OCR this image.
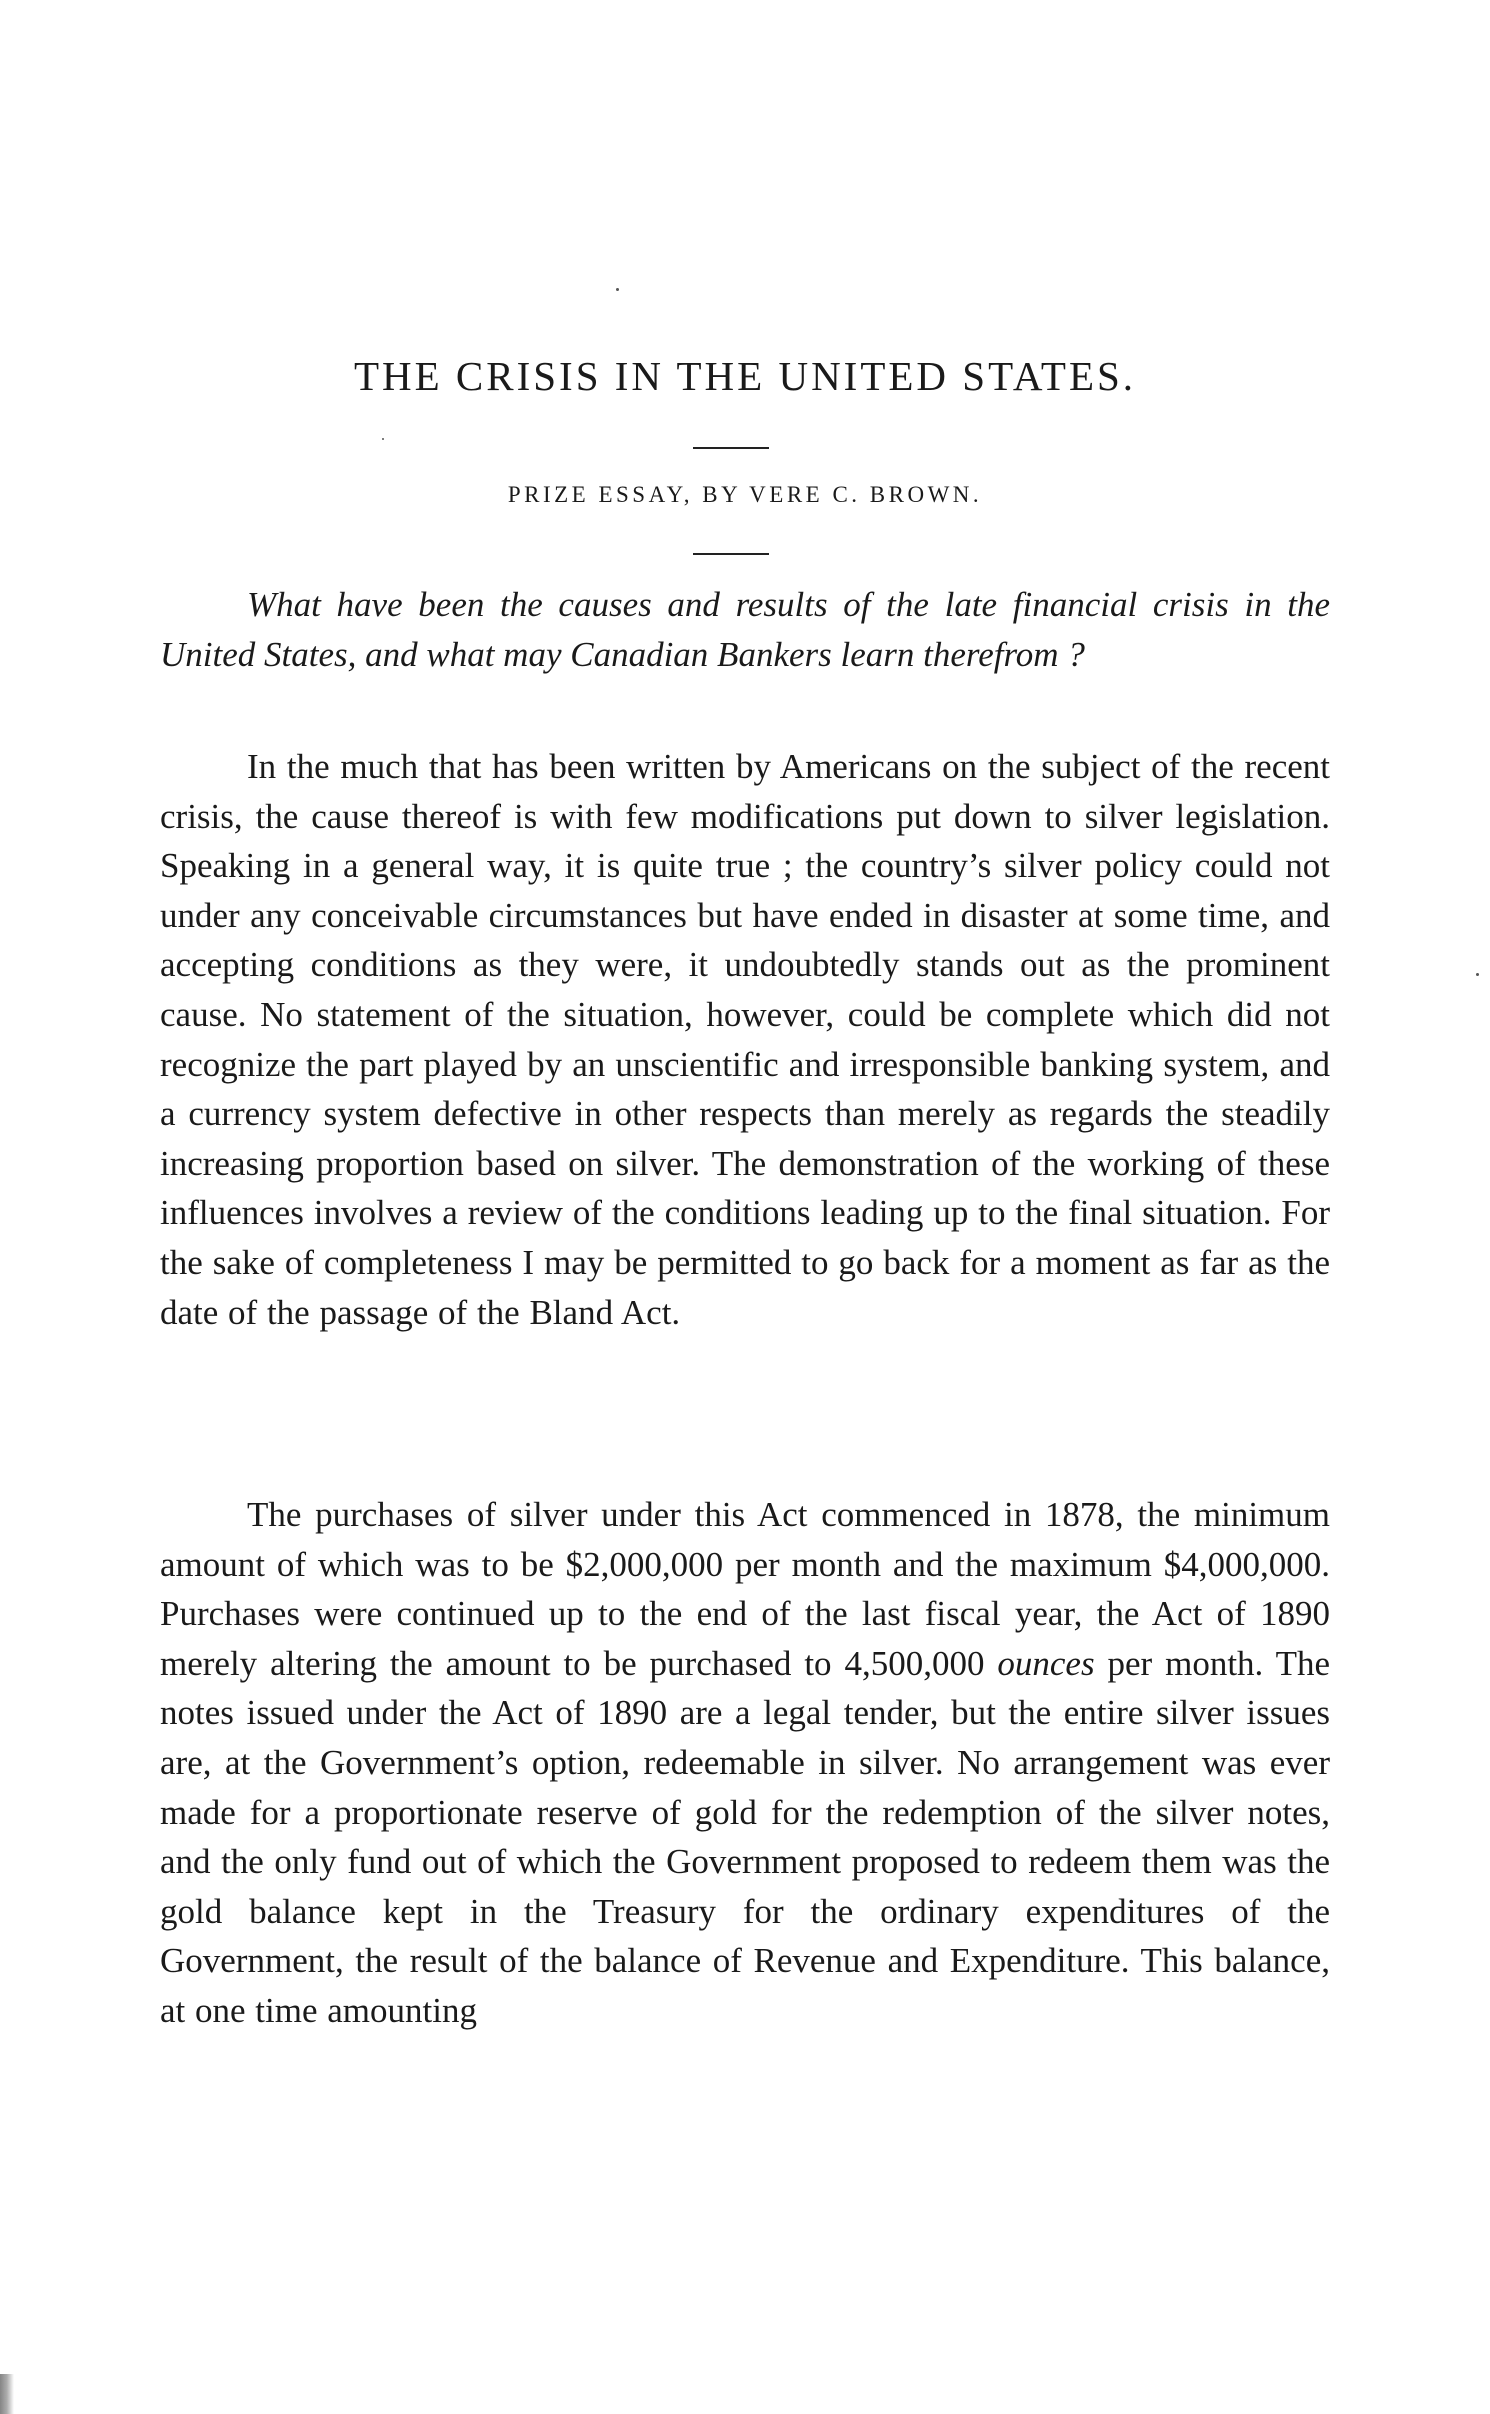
THE CRISIS IN THE UNITED STATES.
PRIZE ESSAY, BY VERE C. BROWN.

What have been the causes and results of the late financial crisis in the United States, and what may Canadian Bankers learn therefrom ?

In the much that has been written by Americans on the subject of the recent crisis, the cause thereof is with few modifications put down to silver legislation. Speaking in a general way, it is quite true ; the country’s silver policy could not under any conceivable circumstances but have ended in disaster at some time, and accepting conditions as they were, it undoubtedly stands out as the prominent cause. No statement of the situation, however, could be complete which did not recognize the part played by an unscientific and irresponsible banking system, and a currency system defective in other respects than merely as regards the steadily increasing proportion based on silver. The demonstration of the working of these influences involves a review of the conditions leading up to the final situation. For the sake of completeness I may be permitted to go back for a moment as far as the date of the passage of the Bland Act.

The purchases of silver under this Act commenced in 1878, the minimum amount of which was to be $2,000,000 per month and the maximum $4,000,000. Purchases were continued up to the end of the last fiscal year, the Act of 1890 merely altering the amount to be purchased to 4,500,000 ounces per month. The notes issued under the Act of 1890 are a legal tender, but the entire silver issues are, at the Government’s option, redeemable in silver. No arrangement was ever made for a proportionate reserve of gold for the redemption of the silver notes, and the only fund out of which the Government proposed to redeem them was the gold balance kept in the Treasury for the ordinary expenditures of the Government, the result of the balance of Revenue and Expenditure. This balance, at one time amounting
